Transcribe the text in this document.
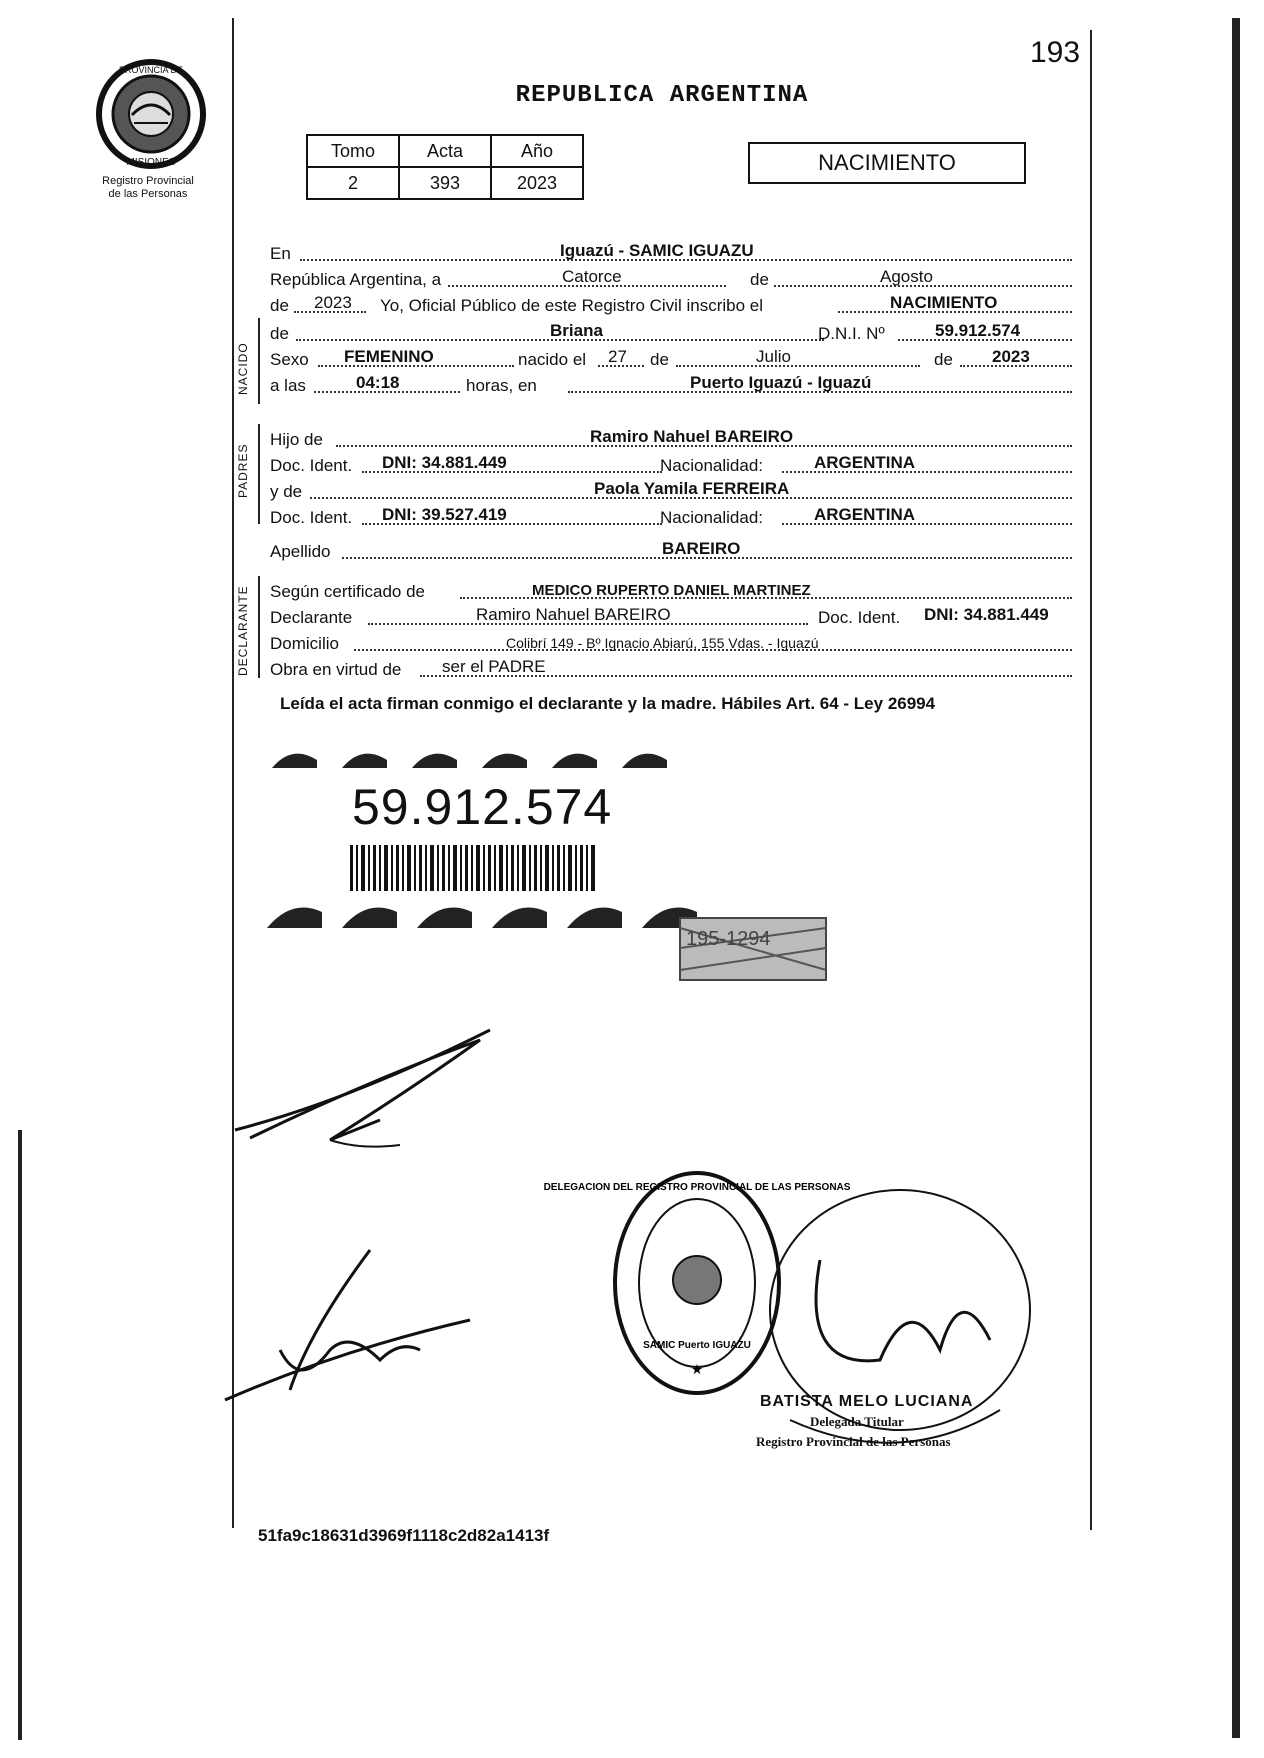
193
PROVINCIA DE
MISIONES
Registro Provincial
de las Personas
REPUBLICA ARGENTINA
Tomo	Acta	Año
2	393	2023
NACIMIENTO
En	Iguazú - SAMIC IGUAZU
República Argentina, a	Catorce	de	Agosto
de 2023 Yo, Oficial Público de este Registro Civil inscribo el	NACIMIENTO
NACIDO
de	Briana	D.N.I. Nº	59.912.574
Sexo FEMENINO	nacido el 27 de	Julio	de 2023
a las	04:18	horas, en	Puerto Iguazú - Iguazú
PADRES
Hijo de	Ramiro Nahuel BAREIRO
Doc. Ident. DNI: 34.881.449	Nacionalidad:	ARGENTINA
y de	Paola Yamila FERREIRA
Doc. Ident. DNI: 39.527.419	Nacionalidad:	ARGENTINA
Apellido	BAREIRO
DECLARANTE Según certificado de	MEDICO RUPERTO DANIEL MARTINEZ
Declarante	Ramiro Nahuel BAREIRO	Doc. Ident. DNI: 34.881.449
Domicilio	Colibrí 149 - Bº Ignacio Abiarú, 155 Vdas. - Iguazú
Obra en virtud de ser el PADRE
Leída el acta firman conmigo el declarante y la madre. Hábiles Art. 64 - Ley 26994
59.912.574
195-1294
DELEGACION DEL REGISTRO PROVINCIAL DE LAS PERSONAS
SAMIC Puerto IGUAZU
★
BATISTA MELO LUCIANA
Delegada Titular
Registro Provincial de las Personas
51fa9c18631d3969f1118c2d82a1413f
